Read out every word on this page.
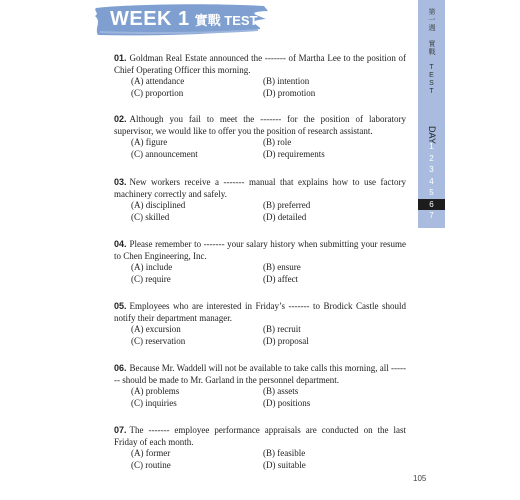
WEEK 1 實戰 TEST	第一週 實戰 TEST
DAY
1
2
3
4
5
6
7
01. Goldman Real Estate announced the ------- of Martha Lee to the position of Chief Operating Officer this morning.
(A) attendance	(B) intention
(C) proportion	(D) promotion
02. Although you fail to meet the ------- for the position of laboratory supervisor, we would like to offer you the position of research assistant.
(A) figure	(B) role
(C) announcement	(D) requirements
03. New workers receive a ------- manual that explains how to use factory machinery correctly and safely.
(A) disciplined	(B) preferred
(C) skilled	(D) detailed
04. Please remember to ------- your salary history when submitting your resume to Chen Engineering, Inc.
(A) include	(B) ensure
(C) require	(D) affect
05. Employees who are interested in Friday’s ------- to Brodick Castle should notify their department manager.
(A) excursion	(B) recruit
(C) reservation	(D) proposal
06. Because Mr. Waddell will not be available to take calls this morning, all ------- should be made to Mr. Garland in the personnel department.
(A) problems	(B) assets
(C) inquiries	(D) positions
07. The ------- employee performance appraisals are conducted on the last Friday of each month.
(A) former	(B) feasible
(C) routine	(D) suitable
105
